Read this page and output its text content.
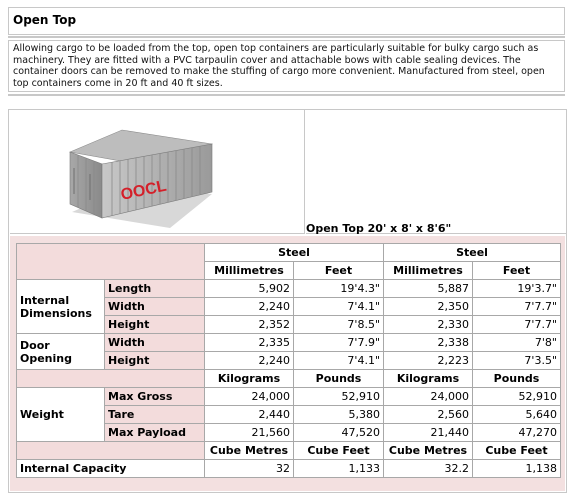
Open Top
Allowing cargo to be loaded from the top, open top containers are particularly suitable for bulky cargo such as machinery. They are fitted with a PVC tarpaulin cover and attachable bows with cable sealing devices. The container doors can be removed to make the stuffing of cargo more convenient. Manufactured from steel, open top containers come in 20 ft and 40 ft sizes.
OOCL
Open Top 20' x 8' x 8'6"
		Steel		Steel	
		Millimetres	Feet	Millimetres	Feet
Internal Dimensions	Length	5,902	19'4.3"	5,887	19'3.7"
	Width	2,240	7'4.1"	2,350	7'7.7"
	Height	2,352	7'8.5"	2,330	7'7.7"
Door Opening	Width	2,335	7'7.9"	2,338	7'8"
	Height	2,240	7'4.1"	2,223	7'3.5"
		Kilograms	Pounds	Kilograms	Pounds
Weight	Max Gross	24,000	52,910	24,000	52,910
	Tare	2,440	5,380	2,560	5,640
	Max Payload	21,560	47,520	21,440	47,270
		Cube Metres	Cube Feet	Cube Metres	Cube Feet
Internal Capacity		32	1,133	32.2	1,138
